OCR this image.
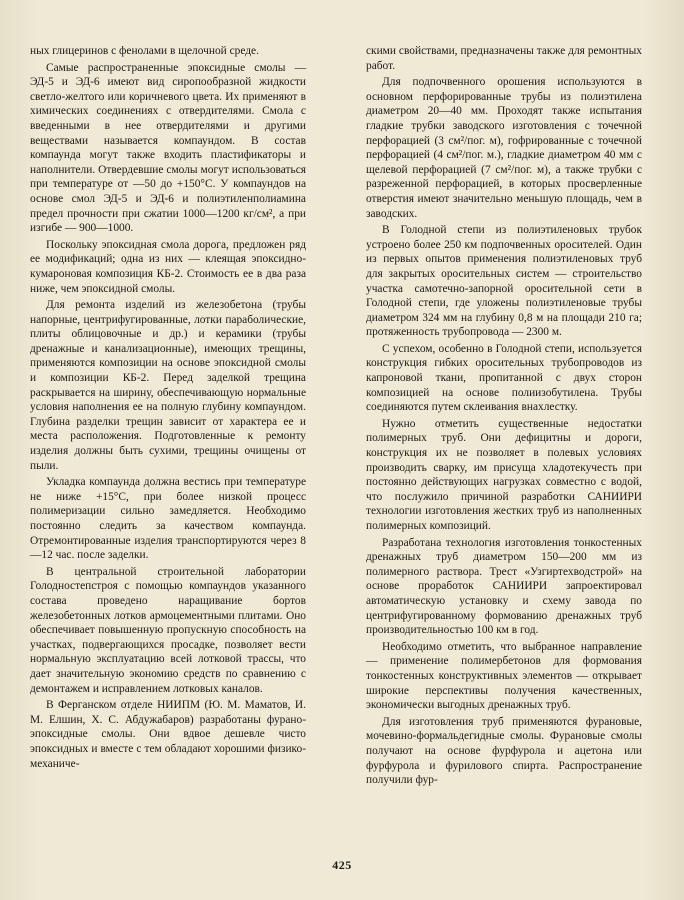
ных глицеринов с фенолами в щелочной среде.

Самые распространенные эпоксидные смолы — ЭД-5 и ЭД-6 имеют вид сиропообразной жидкости светло-желтого или коричневого цвета. Их применяют в химических соединениях с отвердителями. Смола с введенными в нее отвердителями и другими веществами называется компаундом. В состав компаунда могут также входить пластификаторы и наполнители. Отвердевшие смолы могут использоваться при температуре от —50 до +150°С. У компаундов на основе смол ЭД-5 и ЭД-6 и полиэтиленполиамина предел прочности при сжатии 1000—1200 кг/см², а при изгибе — 900—1000.

Поскольку эпоксидная смола дорога, предложен ряд ее модификаций; одна из них — клеящая эпоксидно-кумароновая композиция КБ-2. Стоимость ее в два раза ниже, чем эпоксидной смолы.

Для ремонта изделий из железобетона (трубы напорные, центрифугированные, лотки параболические, плиты облицовочные и др.) и керамики (трубы дренажные и канализационные), имеющих трещины, применяются композиции на основе эпоксидной смолы и композиции КБ-2. Перед заделкой трещина раскрывается на ширину, обеспечивающую нормальные условия наполнения ее на полную глубину компаундом. Глубина разделки трещин зависит от характера ее и места расположения. Подготовленные к ремонту изделия должны быть сухими, трещины очищены от пыли.

Укладка компаунда должна вестись при температуре не ниже +15°С, при более низкой процесс полимеризации сильно замедляется. Необходимо постоянно следить за качеством компаунда. Отремонтированные изделия транспортируются через 8—12 час. после заделки.

В центральной строительной лаборатории Голодностепстроя с помощью компаундов указанного состава проведено наращивание бортов железобетонных лотков армоцементными плитами. Оно обеспечивает повышенную пропускную способность на участках, подвергающихся просадке, позволяет вести нормальную эксплуатацию всей лотковой трассы, что дает значительную экономию средств по сравнению с демонтажем и исправлением лотковых каналов.

В Ферганском отделе НИИПМ (Ю. М. Маматов, И. М. Елшин, Х. С. Абдужабаров) разработаны фурано-эпоксидные смолы. Они вдвое дешевле чисто эпоксидных и вместе с тем обладают хорошими физико-механиче-

скими свойствами, предназначены также для ремонтных работ.

Для подпочвенного орошения используются в основном перфорированные трубы из полиэтилена диаметром 20—40 мм. Проходят также испытания гладкие трубки заводского изготовления с точечной перфорацией (3 см²/пог. м), гофрированные с точечной перфорацией (4 см²/пог. м.), гладкие диаметром 40 мм с щелевой перфорацией (7 см²/пог. м), а также трубки с разреженной перфорацией, в которых просверленные отверстия имеют значительно меньшую площадь, чем в заводских.

В Голодной степи из полиэтиленовых трубок устроено более 250 км подпочвенных оросителей. Один из первых опытов применения полиэтиленовых труб для закрытых оросительных систем — строительство участка самотечно-запорной оросительной сети в Голодной степи, где уложены полиэтиленовые трубы диаметром 324 мм на глубину 0,8 м на площади 210 га; протяженность трубопровода — 2300 м.

С успехом, особенно в Голодной степи, используется конструкция гибких оросительных трубопроводов из капроновой ткани, пропитанной с двух сторон композицией на основе полиизобутилена. Трубы соединяются путем склеивания внахлестку.

Нужно отметить существенные недостатки полимерных труб. Они дефицитны и дороги, конструкция их не позволяет в полевых условиях производить сварку, им присуща хладотекучесть при постоянно действующих нагрузках совместно с водой, что послужило причиной разработки САНИИРИ технологии изготовления жестких труб из наполненных полимерных композиций.

Разработана технология изготовления тонкостенных дренажных труб диаметром 150—200 мм из полимерного раствора. Трест «Узгиртехводстрой» на основе проработок САНИИРИ запроектировал автоматическую установку и схему завода по центрифугированному формованию дренажных труб производительностью 100 км в год.

Необходимо отметить, что выбранное направление — применение полимербетонов для формования тонкостенных конструктивных элементов — открывает широкие перспективы получения качественных, экономически выгодных дренажных труб.

Для изготовления труб применяются фурановые, мочевино-формальдегидные смолы. Фурановые смолы получают на основе фурфурола и ацетона или фурфурола и фурилового спирта. Распространение получили фур-

425
